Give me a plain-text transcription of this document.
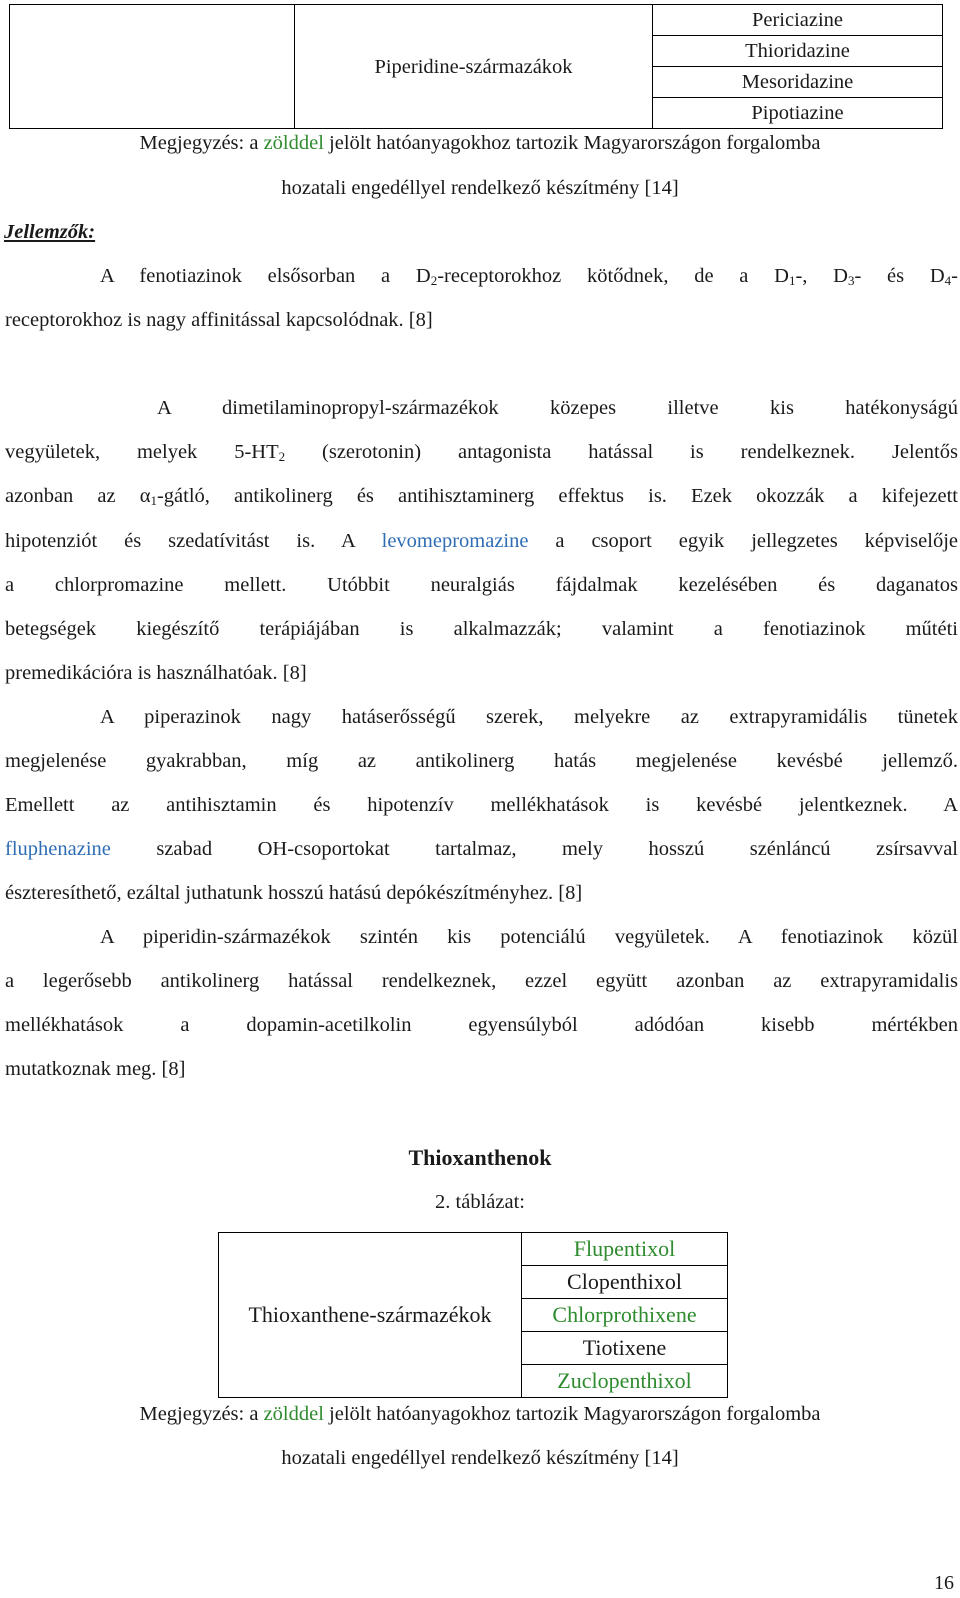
	Piperidine-származákok	Periciazine
Thioridazine
Mesoridazine
Pipotiazine
Megjegyzés: a zölddel jelölt hatóanyagokhoz tartozik Magyarországon forgalomba
hozatali engedéllyel rendelkező készítmény [14]
Jellemzők:
A fenotiazinok elsősorban a $D_2$-receptorokhoz kötődnek, de a $D_1-$, $D_3-$ és $D_4-$
receptorokhoz is nagy affinitással kapcsolódnak. [8]
A dimetilaminopropyl-származékok közepes illetve kis hatékonyságú
vegyületek, melyek $5-HT_2$ (szerotonin) antagonista hatással is rendelkeznek. Jelentős
azonban az $\alpha_1$-gátló, antikolinerg és antihisztaminerg effektus is. Ezek okozzák a kifejezett
hipotenziót és szedatívitást is. A levomepromazine a csoport egyik jellegzetes képviselője
a chlorpromazine mellett. Utóbbit neuralgiás fájdalmak kezelésében és daganatos
betegségek kiegészítő terápiájában is alkalmazzák; valamint a fenotiazinok műtéti
premedikációra is használhatóak. [8]
A piperazinok nagy hatáserősségű szerek, melyekre az extrapyramidális tünetek
megjelenése gyakrabban, míg az antikolinerg hatás megjelenése kevésbé jellemző.
Emellett az antihisztamin és hipotenzív mellékhatások is kevésbé jelentkeznek. A
fluphenazine szabad OH-csoportokat tartalmaz, mely hosszú szénláncú zsírsavval
észteresíthető, ezáltal juthatunk hosszú hatású depókészítményhez. [8]
A piperidin-származékok szintén kis potenciálú vegyületek. A fenotiazinok közül
a legerősebb antikolinerg hatással rendelkeznek, ezzel együtt azonban az extrapyramidalis
mellékhatások a dopamin-acetilkolin egyensúlyból adódóan kisebb mértékben
mutatkoznak meg. [8]
Thioxanthenok
2. táblázat:
Thioxanthene-származékok	Flupentixol
Clopenthixol
Chlorprothixene
Tiotixene
Zuclopenthixol
Megjegyzés: a zölddel jelölt hatóanyagokhoz tartozik Magyarországon forgalomba
hozatali engedéllyel rendelkező készítmény [14]
16
